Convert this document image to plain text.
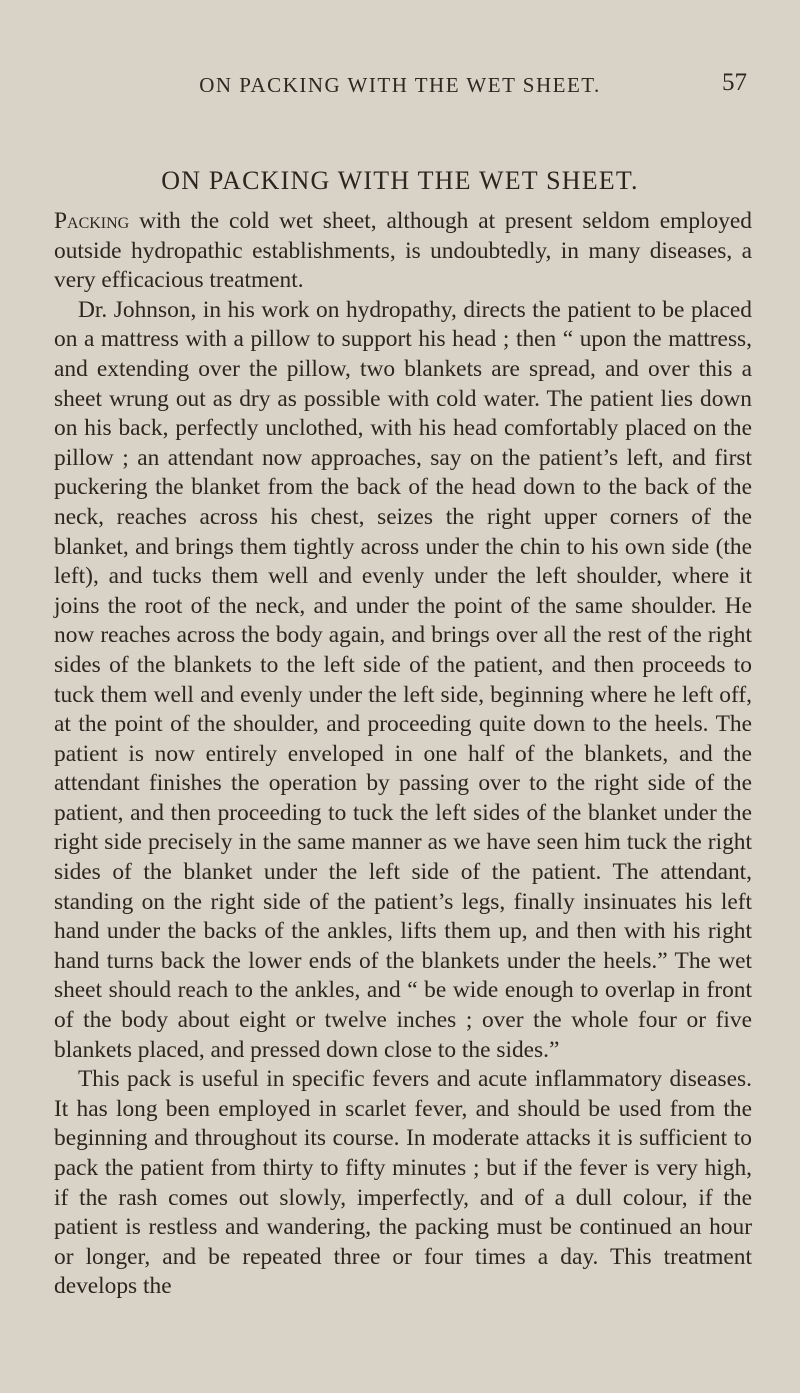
ON PACKING WITH THE WET SHEET.	57
ON PACKING WITH THE WET SHEET.

Packing with the cold wet sheet, although at present seldom employed outside hydropathic establishments, is undoubtedly, in many diseases, a very efficacious treatment.

Dr. Johnson, in his work on hydropathy, directs the patient to be placed on a mattress with a pillow to support his head ; then “ upon the mattress, and extending over the pillow, two blankets are spread, and over this a sheet wrung out as dry as possible with cold water. The patient lies down on his back, perfectly unclothed, with his head comfortably placed on the pillow ; an attendant now approaches, say on the patient’s left, and first puckering the blanket from the back of the head down to the back of the neck, reaches across his chest, seizes the right upper corners of the blanket, and brings them tightly across under the chin to his own side (the left), and tucks them well and evenly under the left shoulder, where it joins the root of the neck, and under the point of the same shoulder. He now reaches across the body again, and brings over all the rest of the right sides of the blankets to the left side of the patient, and then proceeds to tuck them well and evenly under the left side, beginning where he left off, at the point of the shoulder, and proceeding quite down to the heels. The patient is now entirely enveloped in one half of the blankets, and the attendant finishes the operation by passing over to the right side of the patient, and then proceeding to tuck the left sides of the blanket under the right side precisely in the same manner as we have seen him tuck the right sides of the blanket under the left side of the patient. The attendant, standing on the right side of the patient’s legs, finally insinuates his left hand under the backs of the ankles, lifts them up, and then with his right hand turns back the lower ends of the blankets under the heels.” The wet sheet should reach to the ankles, and “ be wide enough to overlap in front of the body about eight or twelve inches ; over the whole four or five blankets placed, and pressed down close to the sides.”

This pack is useful in specific fevers and acute inflammatory diseases. It has long been employed in scarlet fever, and should be used from the beginning and throughout its course. In moderate attacks it is sufficient to pack the patient from thirty to fifty minutes ; but if the fever is very high, if the rash comes out slowly, imperfectly, and of a dull colour, if the patient is restless and wandering, the packing must be continued an hour or longer, and be repeated three or four times a day. This treatment develops the
